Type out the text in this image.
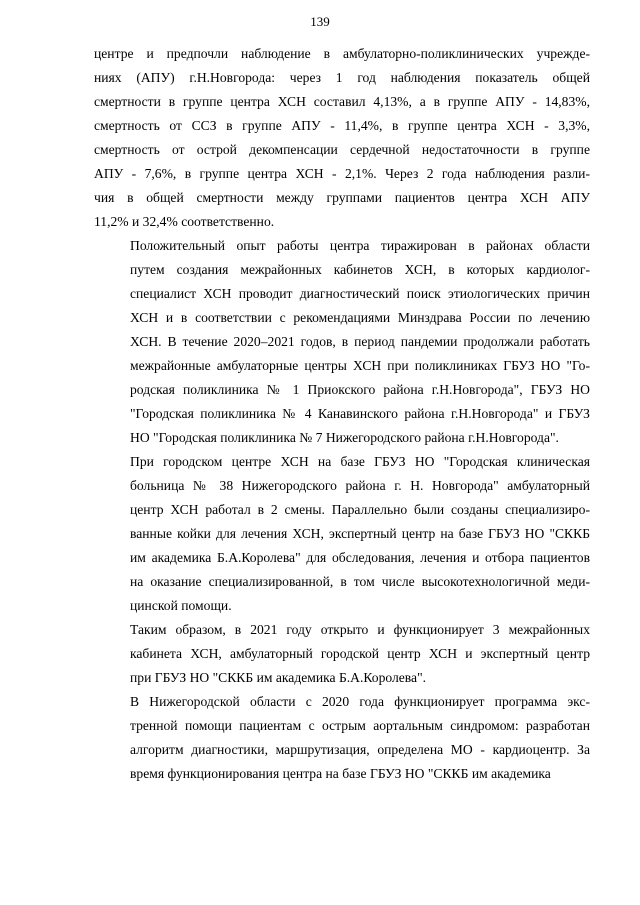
139

центре и предпочли наблюдение в амбулаторно-поликлинических учрежде-
ниях (АПУ) г.Н.Новгорода: через 1 год наблюдения показатель общей
смертности в группе центра ХСН составил 4,13%, а в группе АПУ - 14,83%,
смертность от ССЗ в группе АПУ - 11,4%, в группе центра ХСН - 3,3%,
смертность от острой декомпенсации сердечной недостаточности в группе
АПУ - 7,6%, в группе центра ХСН - 2,1%. Через 2 года наблюдения разли-
чия в общей смертности между группами пациентов центра ХСН АПУ
11,2% и 32,4% соответственно.

Положительный опыт работы центра тиражирован в районах области
путем создания межрайонных кабинетов ХСН, в которых кардиолог-
специалист ХСН проводит диагностический поиск этиологических причин
ХСН и в соответствии с рекомендациями Минздрава России по лечению
ХСН. В течение 2020–2021 годов, в период пандемии продолжали работать
межрайонные амбулаторные центры ХСН при поликлиниках ГБУЗ НО "Го-
родская поликлиника № 1 Приокского района г.Н.Новгорода", ГБУЗ НО
"Городская поликлиника № 4 Канавинского района г.Н.Новгорода" и ГБУЗ
НО "Городская поликлиника № 7 Нижегородского района г.Н.Новгорода".

При городском центре ХСН на базе ГБУЗ НО "Городская клиническая
больница № 38 Нижегородского района г. Н. Новгорода" амбулаторный
центр ХСН работал в 2 смены. Параллельно были созданы специализиро-
ванные койки для лечения ХСН, экспертный центр на базе ГБУЗ НО "СККБ
им академика Б.А.Королева" для обследования, лечения и отбора пациентов
на оказание специализированной, в том числе высокотехнологичной меди-
цинской помощи.

Таким образом, в 2021 году открыто и функционирует 3 межрайонных
кабинета ХСН, амбулаторный городской центр ХСН и экспертный центр
при ГБУЗ НО "СККБ им академика Б.А.Королева".

В Нижегородской области с 2020 года функционирует программа экс-
тренной помощи пациентам с острым аортальным синдромом: разработан
алгоритм диагностики, маршрутизация, определена МО - кардиоцентр. За
время функционирования центра на базе ГБУЗ НО "СККБ им академика
